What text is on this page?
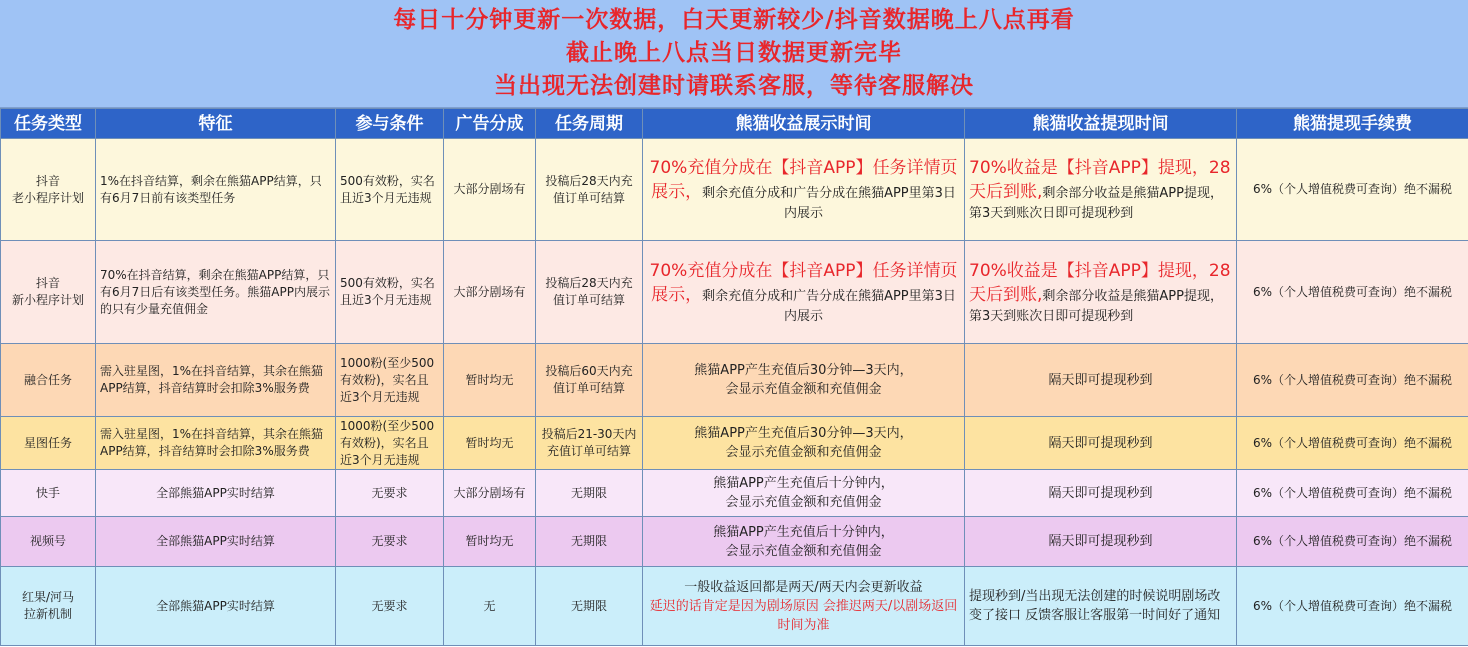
每日十分钟更新一次数据，白天更新较少/抖音数据晚上八点再看
截止晚上八点当日数据更新完毕
当出现无法创建时请联系客服，等待客服解决
任务类型	特征	参与条件	广告分成	任务周期	熊猫收益展示时间	熊猫收益提现时间	熊猫提现手续费
抖音
老小程序计划	1%在抖音结算，剩余在熊猫APP结算，只有6月7日前有该类型任务	500有效粉，实名且近3个月无违规	大部分剧场有	投稿后28天内充值订单可结算	70%充值分成在【抖音APP】任务详情页展示，剩余充值分成和广告分成在熊猫APP里第3日内展示	70%收益是【抖音APP】提现，28天后到账,剩余部分收益是熊猫APP提现，第3天到账次日即可提现秒到	6%（个人增值税费可查询）绝不漏税
抖音
新小程序计划	70%在抖音结算，剩余在熊猫APP结算，只有6月7日后有该类型任务。熊猫APP内展示的只有少量充值佣金	500有效粉，实名且近3个月无违规	大部分剧场有	投稿后28天内充值订单可结算	70%充值分成在【抖音APP】任务详情页展示，剩余充值分成和广告分成在熊猫APP里第3日内展示	70%收益是【抖音APP】提现，28天后到账,剩余部分收益是熊猫APP提现，第3天到账次日即可提现秒到	6%（个人增值税费可查询）绝不漏税
融合任务	需入驻星图，1%在抖音结算，其余在熊猫APP结算，抖音结算时会扣除3%服务费	1000粉(至少500有效粉)，实名且近3个月无违规	暂时均无	投稿后60天内充值订单可结算	熊猫APP产生充值后30分钟—3天内，
会显示充值金额和充值佣金	隔天即可提现秒到	6%（个人增值税费可查询）绝不漏税
星图任务	需入驻星图，1%在抖音结算，其余在熊猫APP结算，抖音结算时会扣除3%服务费	1000粉(至少500有效粉)，实名且近3个月无违规	暂时均无	投稿后21-30天内充值订单可结算	熊猫APP产生充值后30分钟—3天内，
会显示充值金额和充值佣金	隔天即可提现秒到	6%（个人增值税费可查询）绝不漏税
快手	全部熊猫APP实时结算	无要求	大部分剧场有	无期限	熊猫APP产生充值后十分钟内，
会显示充值金额和充值佣金	隔天即可提现秒到	6%（个人增值税费可查询）绝不漏税
视频号	全部熊猫APP实时结算	无要求	暂时均无	无期限	熊猫APP产生充值后十分钟内，
会显示充值金额和充值佣金	隔天即可提现秒到	6%（个人增值税费可查询）绝不漏税
红果/河马
拉新机制	全部熊猫APP实时结算	无要求	无	无期限	一般收益返回都是两天/两天内会更新收益
延迟的话肯定是因为剧场原因 会推迟两天/以剧场返回时间为准	提现秒到/当出现无法创建的时候说明剧场改变了接口 反馈客服让客服第一时间好了通知	6%（个人增值税费可查询）绝不漏税
